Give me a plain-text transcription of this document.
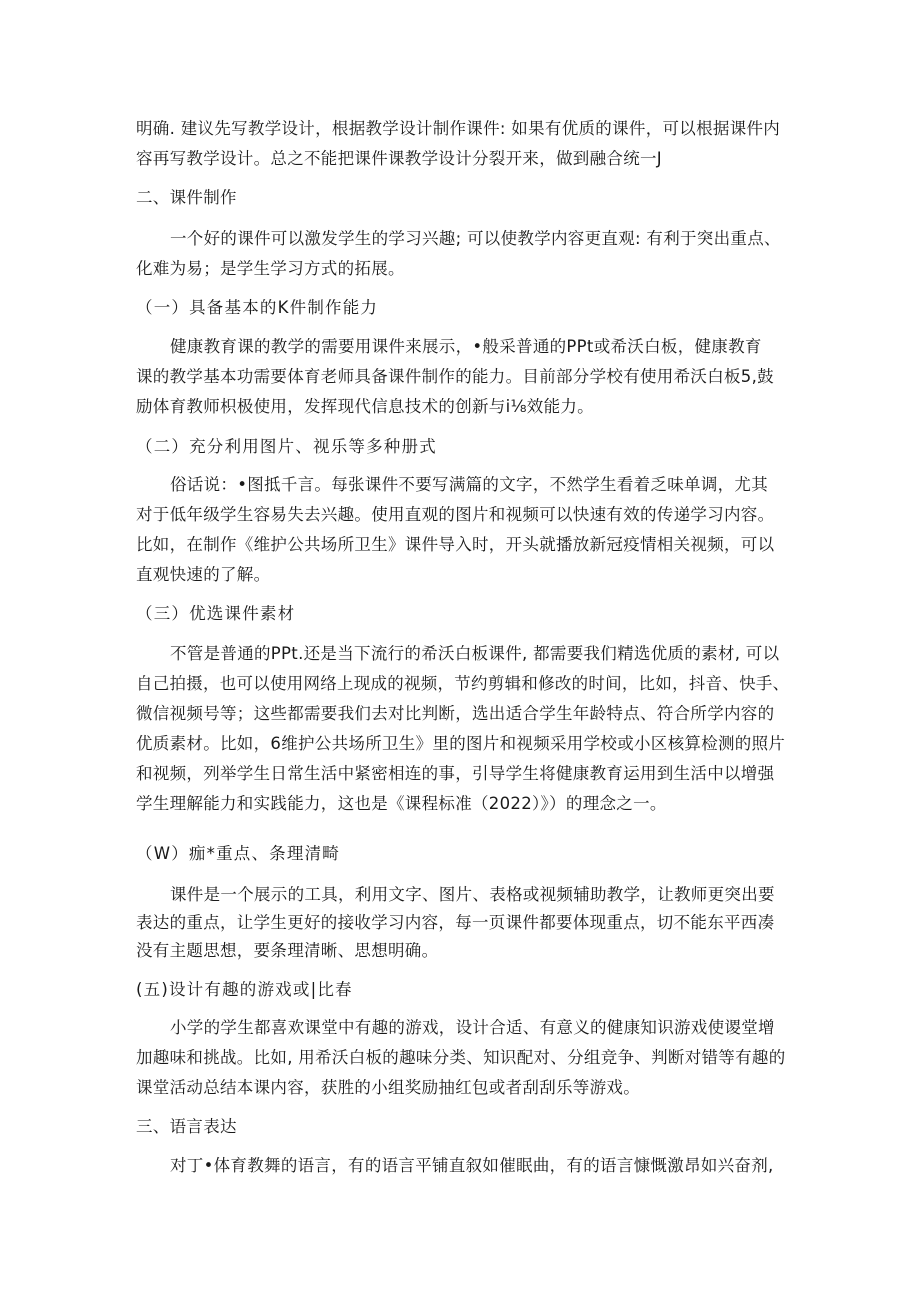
明确. 建议先写教学设计，根据教学设计制作课件: 如果有优质的课件，可以根据课件内

容再写教学设计。总之不能把课件课教学设计分裂开来，做到融合统一J

二、课件制作

一个好的课件可以激发学生的学习兴趣; 可以使教学内容更直观: 有利于突出重点、

化难为易；是学生学习方式的拓展。

（一）具备基本的K件制作能力

健康教育课的教学的需要用课件来展示，•般采普通的PPt或希沃白板，健康教育

课的教学基本功需要体育老师具备课件制作的能力。目前部分学校有使用希沃白板5,鼓

励体育教师枳极使用，发挥现代信息技术的创新与i⅛效能力。

（二）充分利用图片、视乐等多种册式

俗话说：•图抵千言。每张课件不要写满篇的文字，不然学生看着乏味单调，尤其

对于低年级学生容易失去兴趣。使用直观的图片和视频可以快速有效的传递学习内容。

比如，在制作《维护公共场所卫生》课件导入时，开头就播放新冠疫情相关视频，可以

直观快速的了解。

（三）优选课件素材

不管是普通的PPt.还是当下流行的希沃白板课件, 都需要我们精选优质的素材, 可以

自己拍摄，也可以使用网络上现成的视频，节约剪辑和修改的时间，比如，抖音、快手、

微信视频号等；这些都需要我们去对比判断，选出适合学生年龄特点、符合所学内容的

优质素材。比如，6维护公共场所卫生》里的图片和视频采用学校或小区核算检测的照片

和视频，列举学生日常生活中紧密相连的事，引导学生将健康教育运用到生活中以增强

学生理解能力和实践能力，这也是《课程标准（2022）》）的理念之一。

（W）痂*重点、条理清畸

课件是一个展示的工具，利用文字、图片、表格或视频辅助教学，让教师更突出要

表达的重点，让学生更好的接收学习内容，每一页课件都要体现重点，切不能东平西凑

没有主题思想，要条理清晰、思想明确。

(五)设计有趣的游戏或|比春

小学的学生都喜欢课堂中有趣的游戏，设计合适、有意义的健康知识游戏使谡堂增

加趣味和挑战。比如, 用希沃白板的趣味分类、知识配对、分组竞争、判断对错等有趣的

课堂活动总结本课内容，获胜的小组奖励抽红包或者刮刮乐等游戏。

三、语言表达

对丁•体育教舞的语言，有的语言平铺直叙如催眠曲，有的语言慷慨激昂如兴奋剂,
